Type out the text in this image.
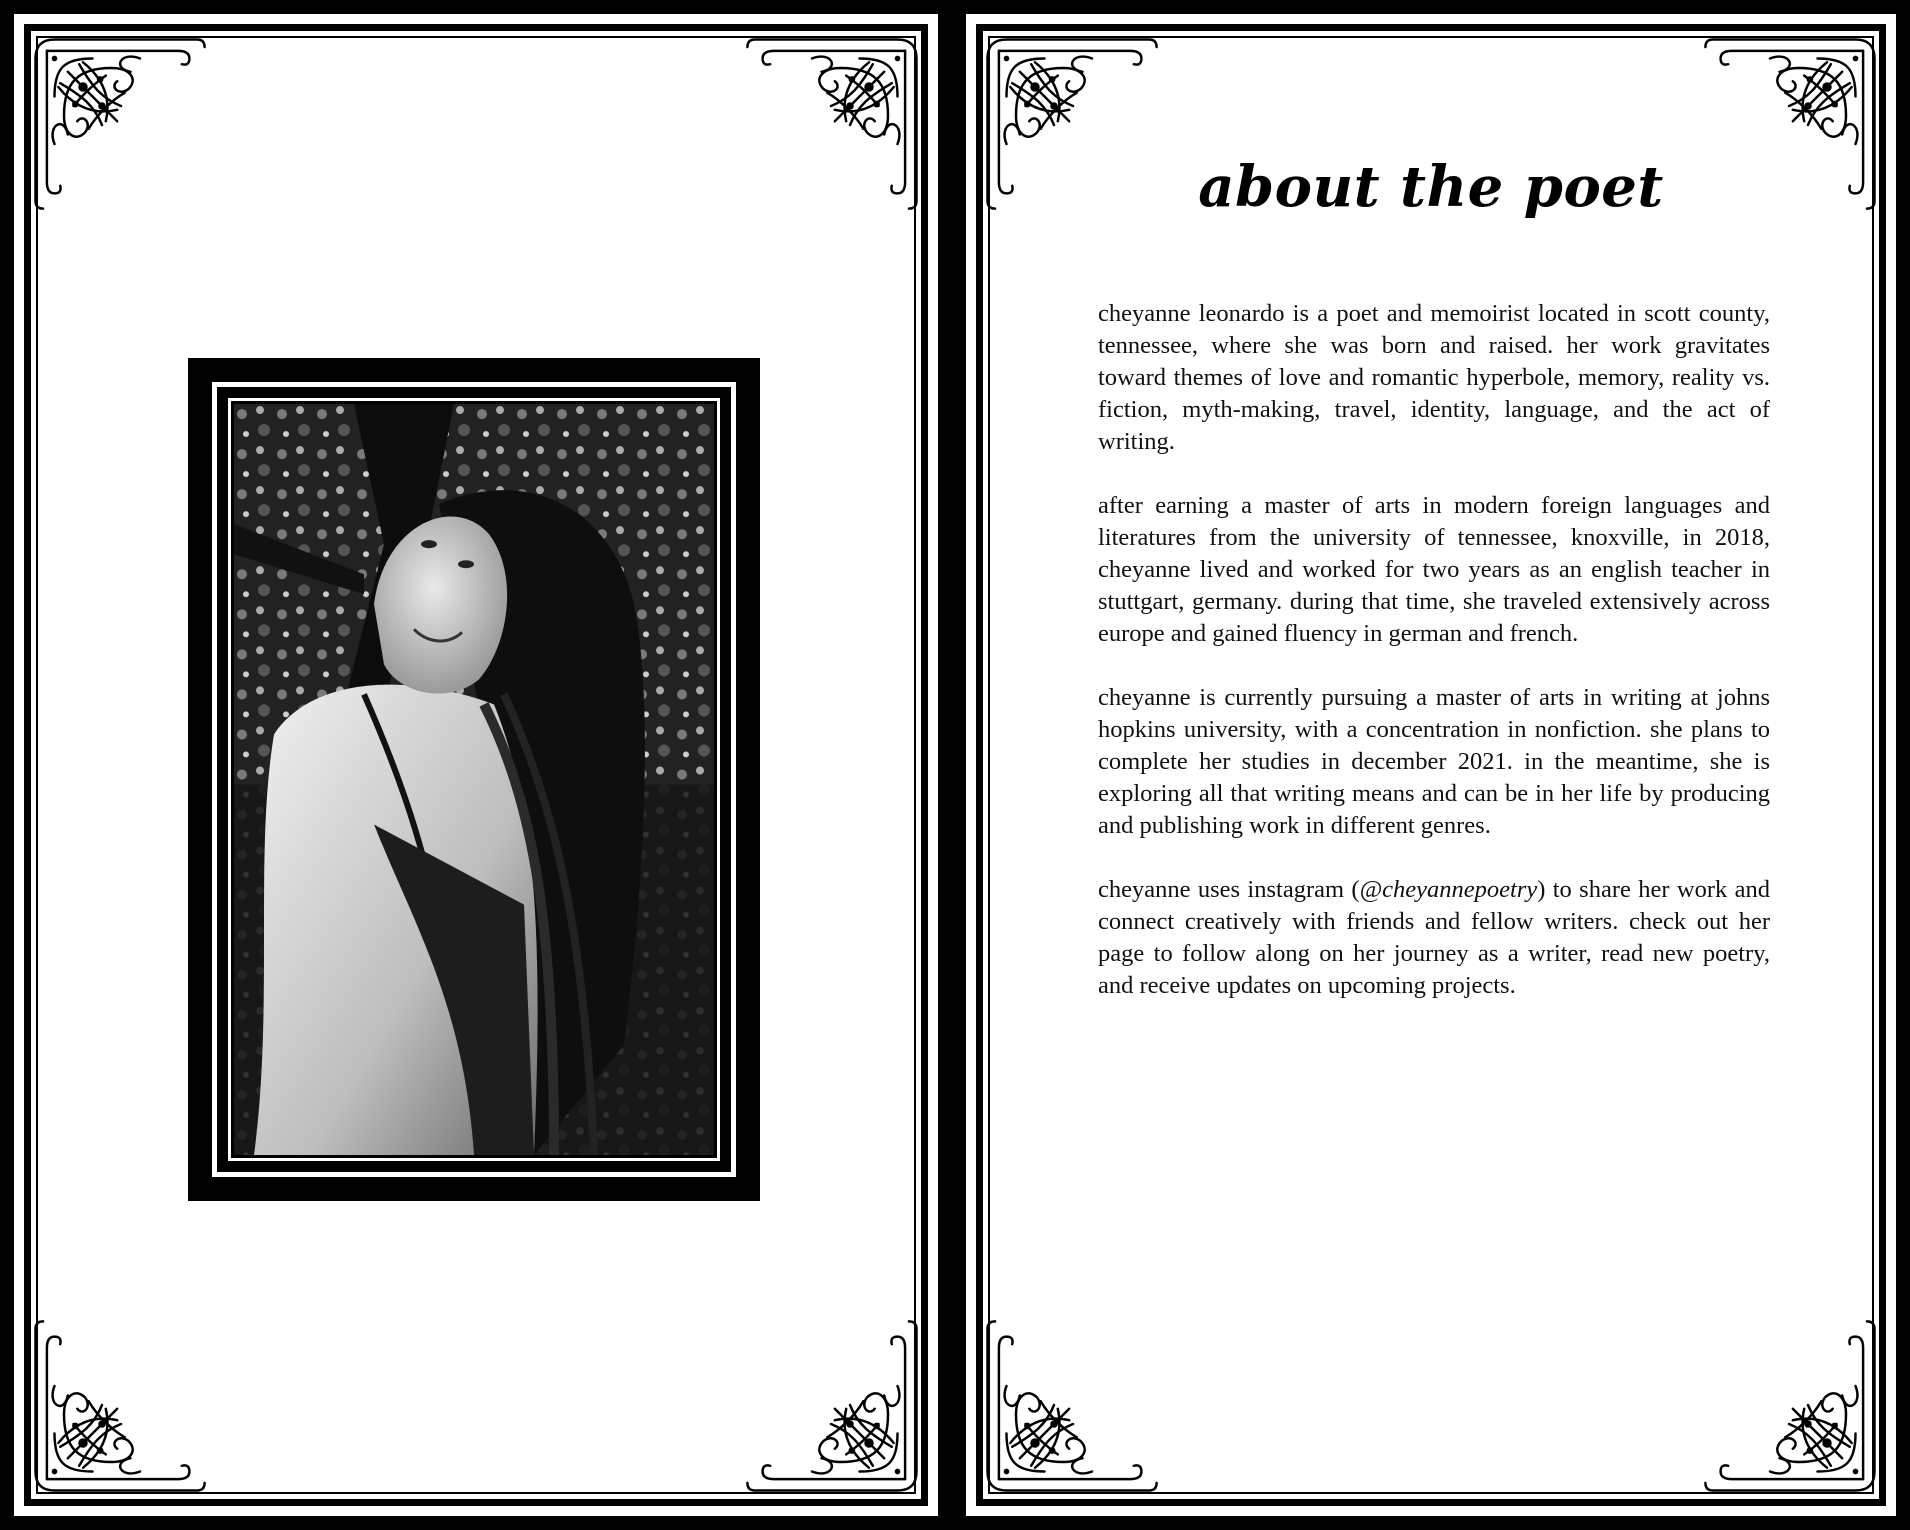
about the poet

cheyanne leonardo is a poet and memoirist located in scott county, tennessee, where she was born and raised. her work gravitates toward themes of love and romantic hyperbole, memory, reality vs. fiction, myth-making, travel, identity, language, and the act of writing.

after earning a master of arts in modern foreign languages and literatures from the university of tennessee, knoxville, in 2018, cheyanne lived and worked for two years as an english teacher in stuttgart, germany. during that time, she traveled extensively across europe and gained fluency in german and french.

cheyanne is currently pursuing a master of arts in writing at johns hopkins university, with a concentration in nonfiction. she plans to complete her studies in december 2021. in the meantime, she is exploring all that writing means and can be in her life by producing and publishing work in different genres.

cheyanne uses instagram (@cheyannepoetry) to share her work and connect creatively with friends and fellow writers. check out her page to follow along on her journey as a writer, read new poetry, and receive updates on upcoming projects.
